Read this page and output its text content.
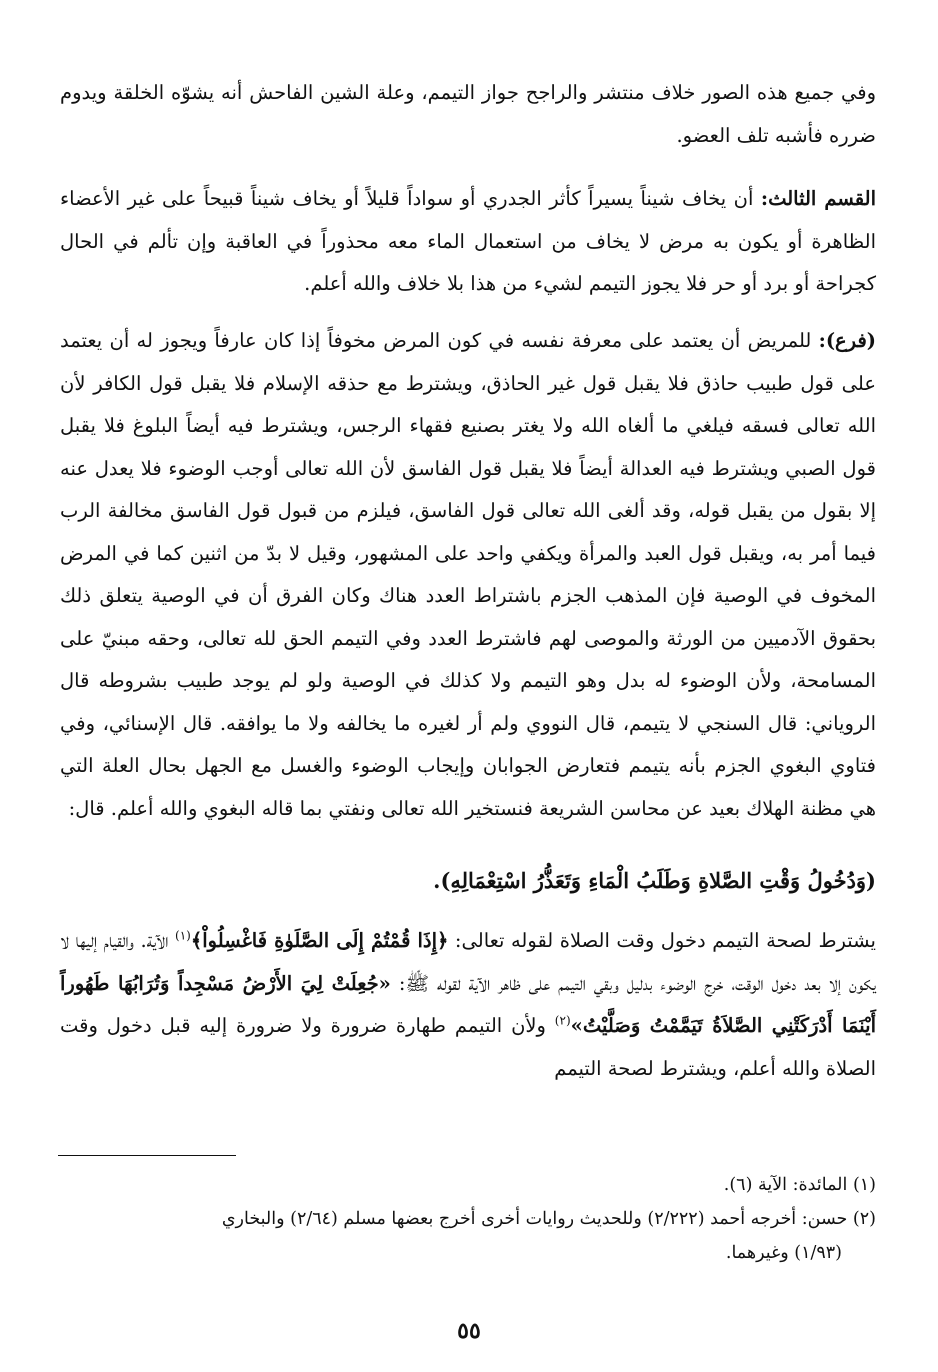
وفي جميع هذه الصور خلاف منتشر والراجح جواز التيمم، وعلة الشين الفاحش أنه يشوّه الخلقة ويدوم ضرره فأشبه تلف العضو.
القسم الثالث: أن يخاف شيناً يسيراً كأثر الجدري أو سواداً قليلاً أو يخاف شيناً قبيحاً على غير الأعضاء الظاهرة أو يكون به مرض لا يخاف من استعمال الماء معه محذوراً في العاقبة وإن تألم في الحال كجراحة أو برد أو حر فلا يجوز التيمم لشيء من هذا بلا خلاف والله أعلم.
(فرع): للمريض أن يعتمد على معرفة نفسه في كون المرض مخوفاً إذا كان عارفاً ويجوز له أن يعتمد على قول طبيب حاذق فلا يقبل قول غير الحاذق، ويشترط مع حذقه الإسلام فلا يقبل قول الكافر لأن الله تعالى فسقه فيلغي ما ألغاه الله ولا يغتر بصنيع فقهاء الرجس، ويشترط فيه أيضاً البلوغ فلا يقبل قول الصبي ويشترط فيه العدالة أيضاً فلا يقبل قول الفاسق لأن الله تعالى أوجب الوضوء فلا يعدل عنه إلا بقول من يقبل قوله، وقد ألغى الله تعالى قول الفاسق، فيلزم من قبول قول الفاسق مخالفة الرب فيما أمر به، ويقبل قول العبد والمرأة ويكفي واحد على المشهور، وقيل لا بدّ من اثنين كما في المرض المخوف في الوصية فإن المذهب الجزم باشتراط العدد هناك وكان الفرق أن في الوصية يتعلق ذلك بحقوق الآدميين من الورثة والموصى لهم فاشترط العدد وفي التيمم الحق لله تعالى، وحقه مبنيّ على المسامحة، ولأن الوضوء له بدل وهو التيمم ولا كذلك في الوصية ولو لم يوجد طبيب بشروطه قال الروياني: قال السنجي لا يتيمم، قال النووي ولم أر لغيره ما يخالفه ولا ما يوافقه. قال الإسنائي، وفي فتاوي البغوي الجزم بأنه يتيمم فتعارض الجوابان وإيجاب الوضوء والغسل مع الجهل بحال العلة التي هي مظنة الهلاك بعيد عن محاسن الشريعة فنستخير الله تعالى ونفتي بما قاله البغوي والله أعلم. قال:
(وَدُخُولُ وَقْتِ الصَّلاةِ وَطَلَبُ الْمَاءِ وَتَعَذُّرُ اسْتِعْمَالِهِ).
يشترط لصحة التيمم دخول وقت الصلاة لقوله تعالى: ﴿إِذَا قُمْتُمْ إِلَى الصَّلَوٰةِ فَاغْسِلُواْ﴾$^{(١)}$ الآية. والقيام إليها لا يكون إلا بعد دخول الوقت، خرج الوضوء بدليل وبقي التيمم على ظاهر الآية لقوله ﷺ: «جُعِلَتْ لِيَ الأَرْضُ مَسْجِداً وَتُرَابُهَا طَهُوراً أَيْنَمَا أَدْرَكَتْنِي الصَّلاَةُ تَيَمَّمْتُ وَصَلَّيْتُ»$^{(٢)}$ ولأن التيمم طهارة ضرورة ولا ضرورة إليه قبل دخول وقت الصلاة والله أعلم، ويشترط لصحة التيمم

(١) المائدة: الآية (٦).

(٢) حسن: أخرجه أحمد (٢/٢٢٢) وللحديث روايات أخرى أخرج بعضها مسلم (٢/٦٤) والبخاري

(١/٩٣) وغيرهما.

٥٥
